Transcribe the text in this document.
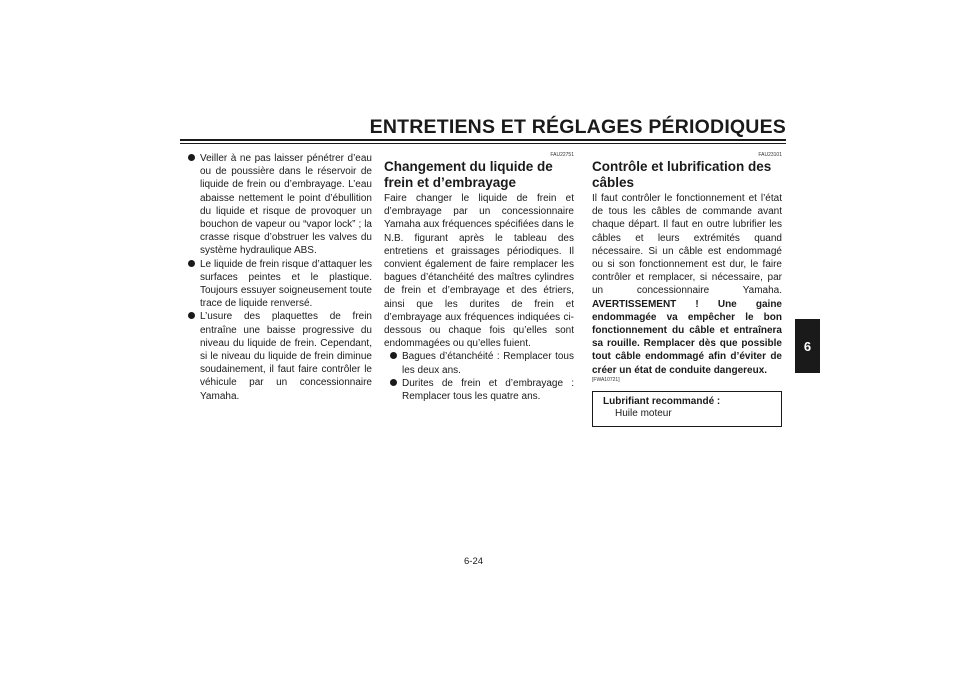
ENTRETIENS ET RÉGLAGES PÉRIODIQUES
Veiller à ne pas laisser pénétrer d’eau ou de poussière dans le réservoir de liquide de frein ou d’embrayage. L’eau abaisse nettement le point d’ébullition du liquide et risque de provoquer un bouchon de vapeur ou “vapor lock” ; la crasse risque d’obstruer les valves du système hydraulique ABS.
Le liquide de frein risque d’attaquer les surfaces peintes et le plastique. Toujours essuyer soigneusement toute trace de liquide renversé.
L’usure des plaquettes de frein entraîne une baisse progressive du niveau du liquide de frein. Cependant, si le niveau du liquide de frein diminue soudainement, il faut faire contrôler le véhicule par un concessionnaire Yamaha.
FAU22751
Changement du liquide de frein et d’embrayage

Faire changer le liquide de frein et d’embrayage par un concessionnaire Yamaha aux fréquences spécifiées dans le N.B. figurant après le tableau des entretiens et graissages périodiques. Il convient également de faire remplacer les bagues d’étanchéité des maîtres cylindres de frein et d’embrayage et des étriers, ainsi que les durites de frein et d’embrayage aux fréquences indiquées ci-dessous ou chaque fois qu’elles sont endommagées ou qu’elles fuient.

Bagues d’étanchéité : Remplacer tous les deux ans.
Durites de frein et d’embrayage : Remplacer tous les quatre ans.
FAU23101
Contrôle et lubrification des câbles

Il faut contrôler le fonctionnement et l’état de tous les câbles de commande avant chaque départ. Il faut en outre lubrifier les câbles et leurs extrémités quand nécessaire. Si un câble est endommagé ou si son fonctionnement est dur, le faire contrôler et remplacer, si nécessaire, par un concessionnaire Yamaha. AVERTISSEMENT ! Une gaine endommagée va empêcher le bon fonctionnement du câble et entraînera sa rouille. Remplacer dès que possible tout câble endommagé afin d’éviter de créer un état de conduite dangereux.

[FWA10721]
Lubrifiant recommandé :
Huile moteur
6
6-24
